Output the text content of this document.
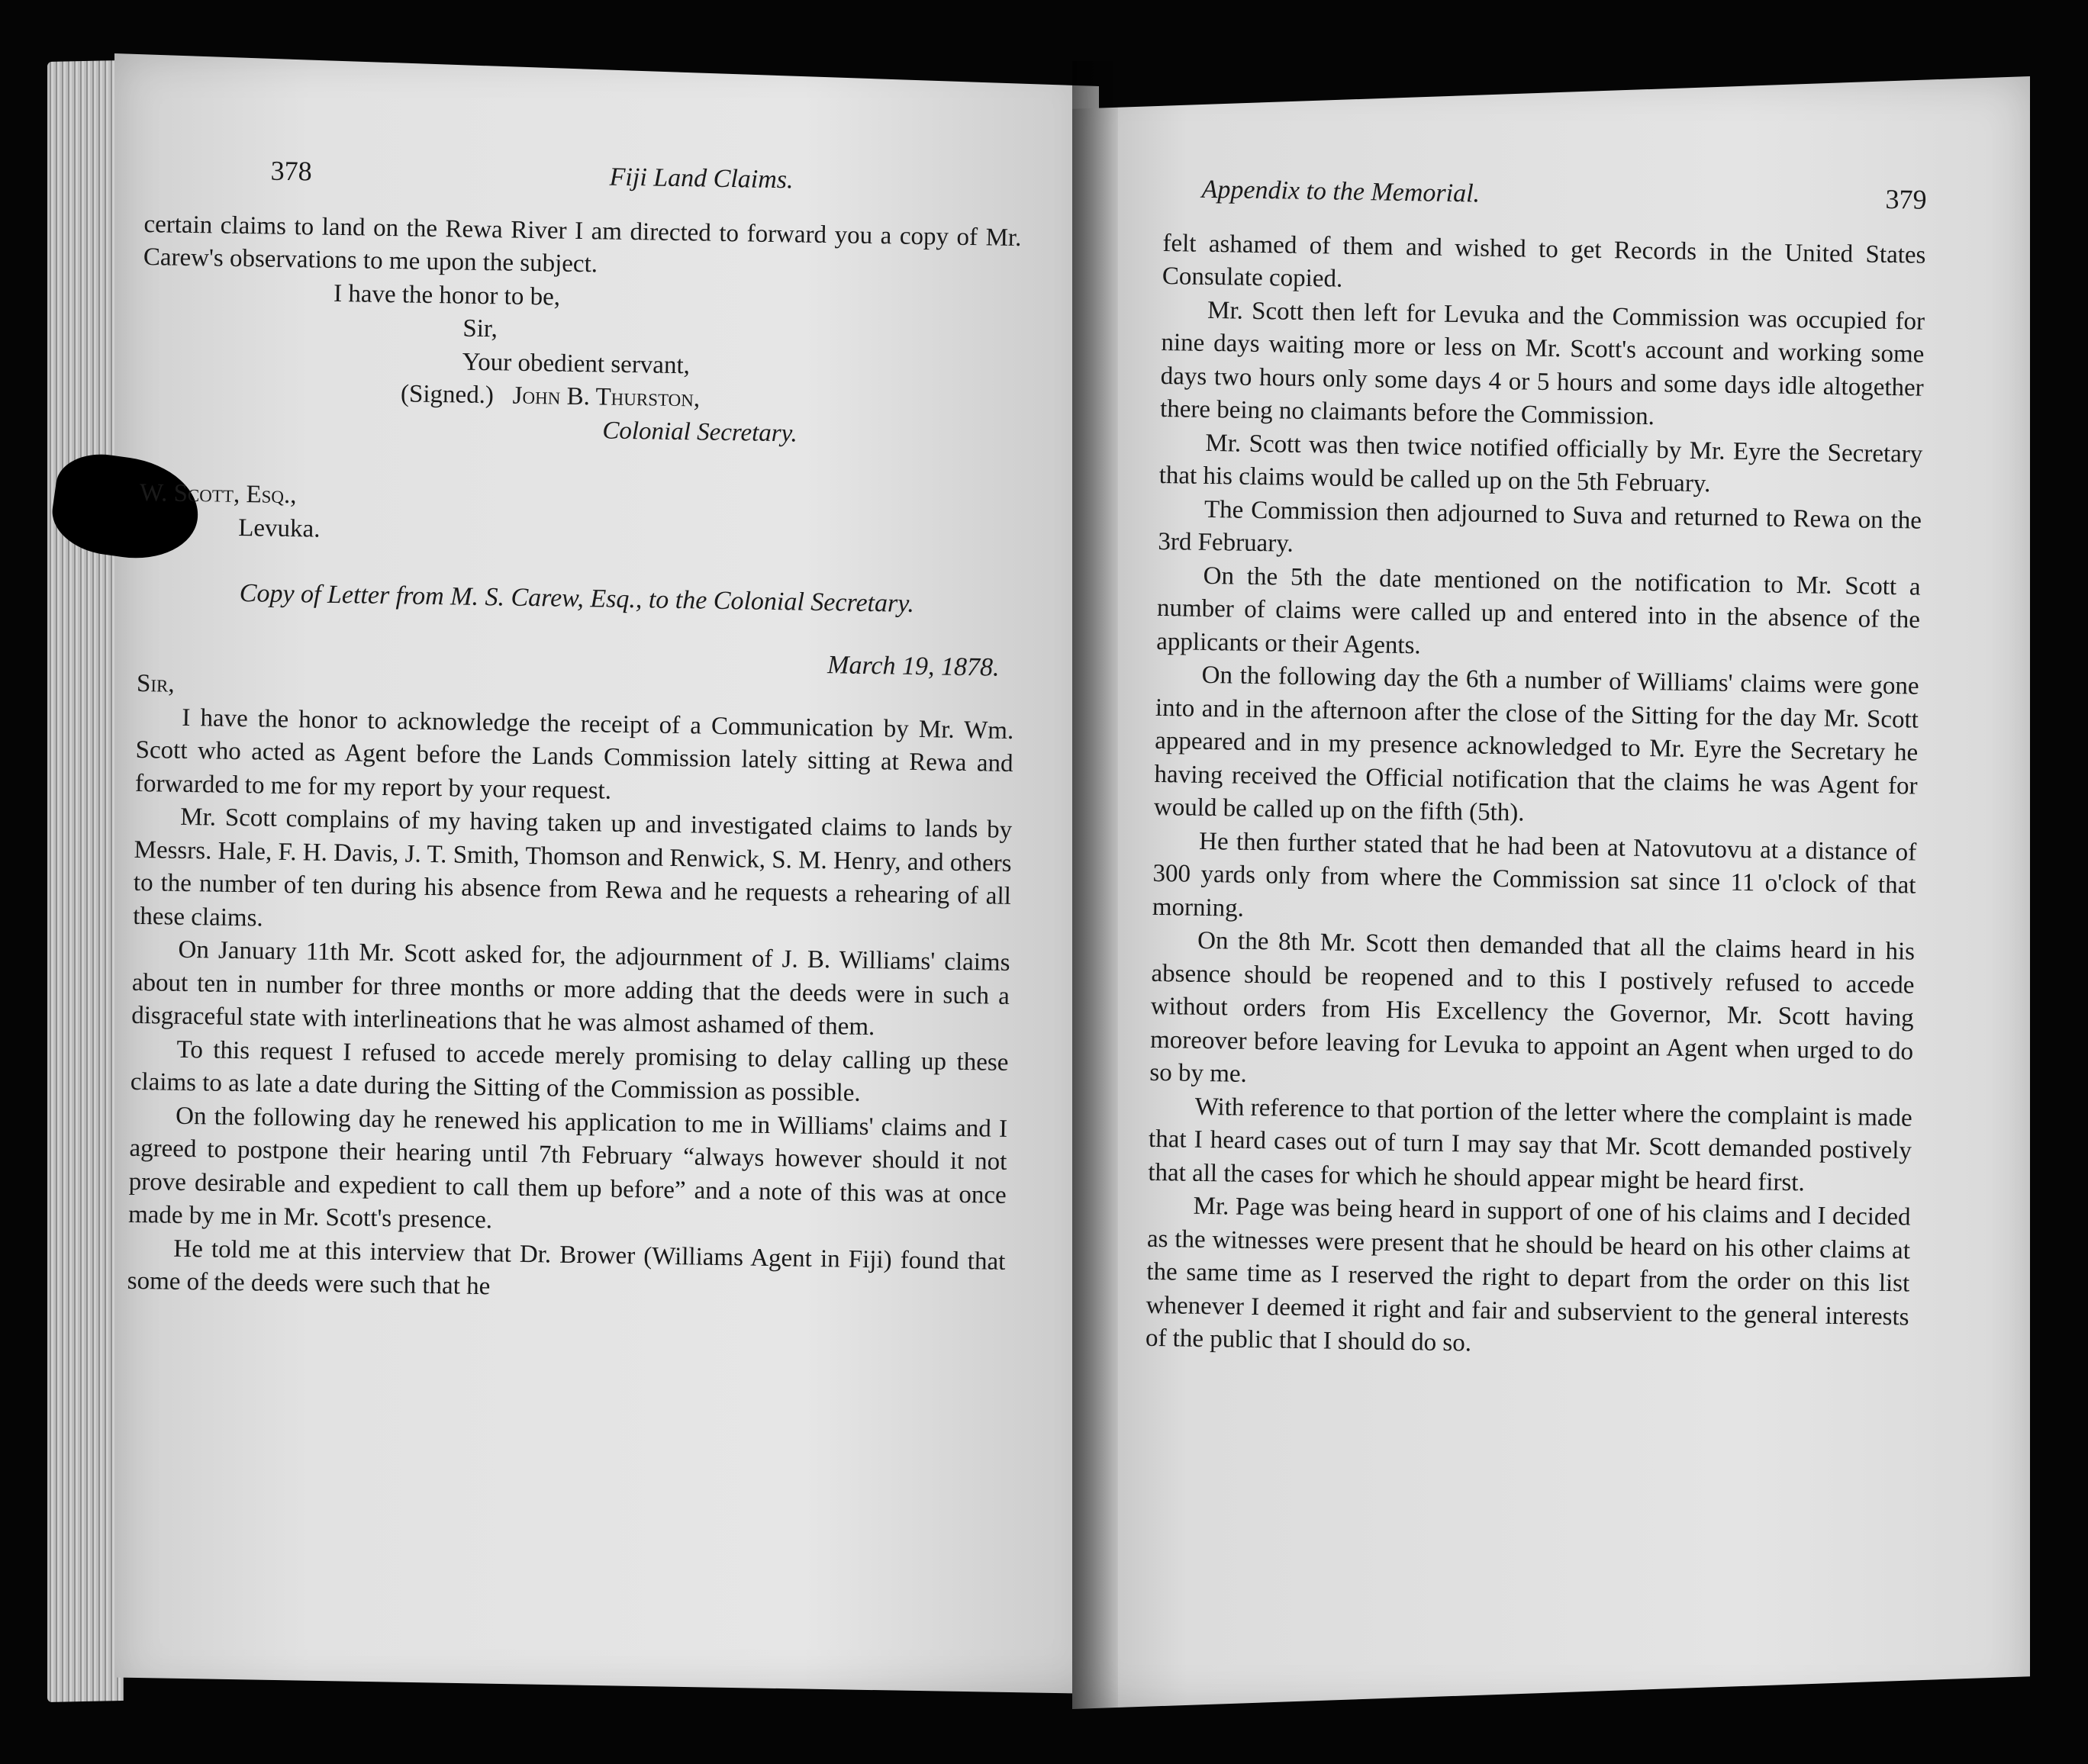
378	Fiji Land Claims.

certain claims to land on the Rewa River I am directed to forward you a copy of Mr. Carew's observations to me upon the subject.

I have the honor to be,
Sir,
Your obedient servant,
(Signed.) John B. Thurston,
Colonial Secretary.
W. Scott, Esq.,
Levuka.
Copy of Letter from M. S. Carew, Esq., to the Colonial Secretary.
March 19, 1878.
Sir,

I have the honor to acknowledge the receipt of a Communication by Mr. Wm. Scott who acted as Agent before the Lands Commission lately sitting at Rewa and forwarded to me for my report by your request.

Mr. Scott complains of my having taken up and investigated claims to lands by Messrs. Hale, F. H. Davis, J. T. Smith, Thomson and Renwick, S. M. Henry, and others to the number of ten during his absence from Rewa and he requests a rehearing of all these claims.

On January 11th Mr. Scott asked for, the adjournment of J. B. Williams' claims about ten in number for three months or more adding that the deeds were in such a disgraceful state with interlineations that he was almost ashamed of them.

To this request I refused to accede merely promising to delay calling up these claims to as late a date during the Sitting of the Commission as possible.

On the following day he renewed his application to me in Williams' claims and I agreed to postpone their hearing until 7th February “always however should it not prove desirable and expedient to call them up before” and a note of this was at once made by me in Mr. Scott's presence.

He told me at this interview that Dr. Brower (Williams Agent in Fiji) found that some of the deeds were such that he

Appendix to the Memorial.	379

felt ashamed of them and wished to get Records in the United States Consulate copied.

Mr. Scott then left for Levuka and the Commission was occupied for nine days waiting more or less on Mr. Scott's account and working some days two hours only some days 4 or 5 hours and some days idle altogether there being no claimants before the Commission.

Mr. Scott was then twice notified officially by Mr. Eyre the Secretary that his claims would be called up on the 5th February.

The Commission then adjourned to Suva and returned to Rewa on the 3rd February.

On the 5th the date mentioned on the notification to Mr. Scott a number of claims were called up and entered into in the absence of the applicants or their Agents.

On the following day the 6th a number of Williams' claims were gone into and in the afternoon after the close of the Sitting for the day Mr. Scott appeared and in my presence acknowledged to Mr. Eyre the Secretary he having received the Official notification that the claims he was Agent for would be called up on the fifth (5th).

He then further stated that he had been at Natovutovu at a distance of 300 yards only from where the Commission sat since 11 o'clock of that morning.

On the 8th Mr. Scott then demanded that all the claims heard in his absence should be reopened and to this I postively refused to accede without orders from His Excellency the Governor, Mr. Scott having moreover before leaving for Levuka to appoint an Agent when urged to do so by me.

With reference to that portion of the letter where the complaint is made that I heard cases out of turn I may say that Mr. Scott demanded postively that all the cases for which he should appear might be heard first.

Mr. Page was being heard in support of one of his claims and I decided as the witnesses were present that he should be heard on his other claims at the same time as I reserved the right to depart from the order on this list whenever I deemed it right and fair and subservient to the general interests of the public that I should do so.
